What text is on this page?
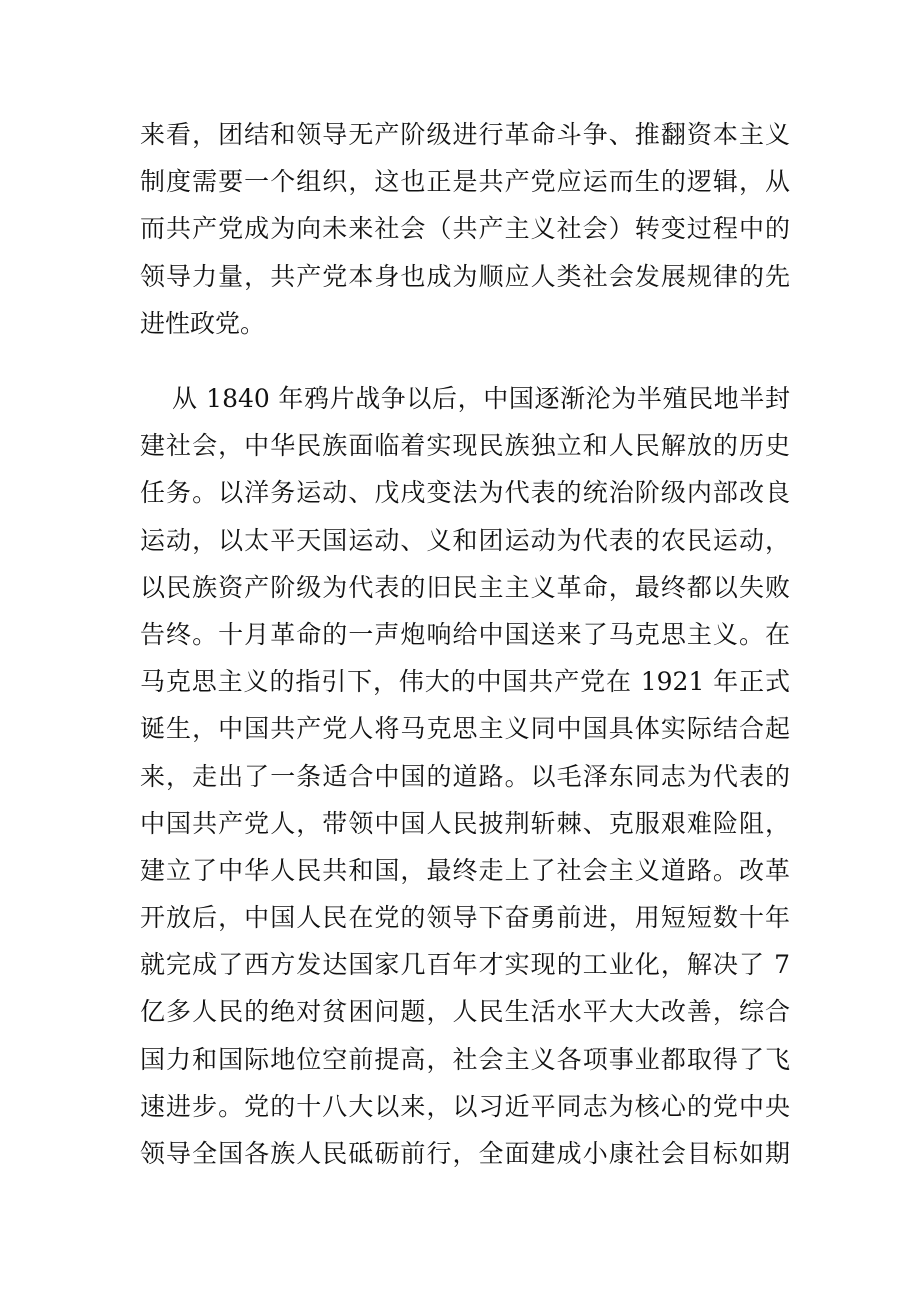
来看，团结和领导无产阶级进行革命斗争、推翻资本主义
制度需要一个组织，这也正是共产党应运而生的逻辑，从
而共产党成为向未来社会（共产主义社会）转变过程中的
领导力量，共产党本身也成为顺应人类社会发展规律的先
进性政党。
从 1840 年鸦片战争以后，中国逐渐沦为半殖民地半封
建社会，中华民族面临着实现民族独立和人民解放的历史
任务。以洋务运动、戊戌变法为代表的统治阶级内部改良
运动，以太平天国运动、义和团运动为代表的农民运动，
以民族资产阶级为代表的旧民主主义革命，最终都以失败
告终。十月革命的一声炮响给中国送来了马克思主义。在
马克思主义的指引下，伟大的中国共产党在 1921 年正式
诞生，中国共产党人将马克思主义同中国具体实际结合起
来，走出了一条适合中国的道路。以毛泽东同志为代表的
中国共产党人，带领中国人民披荆斩棘、克服艰难险阻，
建立了中华人民共和国，最终走上了社会主义道路。改革
开放后，中国人民在党的领导下奋勇前进，用短短数十年
就完成了西方发达国家几百年才实现的工业化，解决了 7
亿多人民的绝对贫困问题，人民生活水平大大改善，综合
国力和国际地位空前提高，社会主义各项事业都取得了飞
速进步。党的十八大以来，以习近平同志为核心的党中央
领导全国各族人民砥砺前行，全面建成小康社会目标如期
